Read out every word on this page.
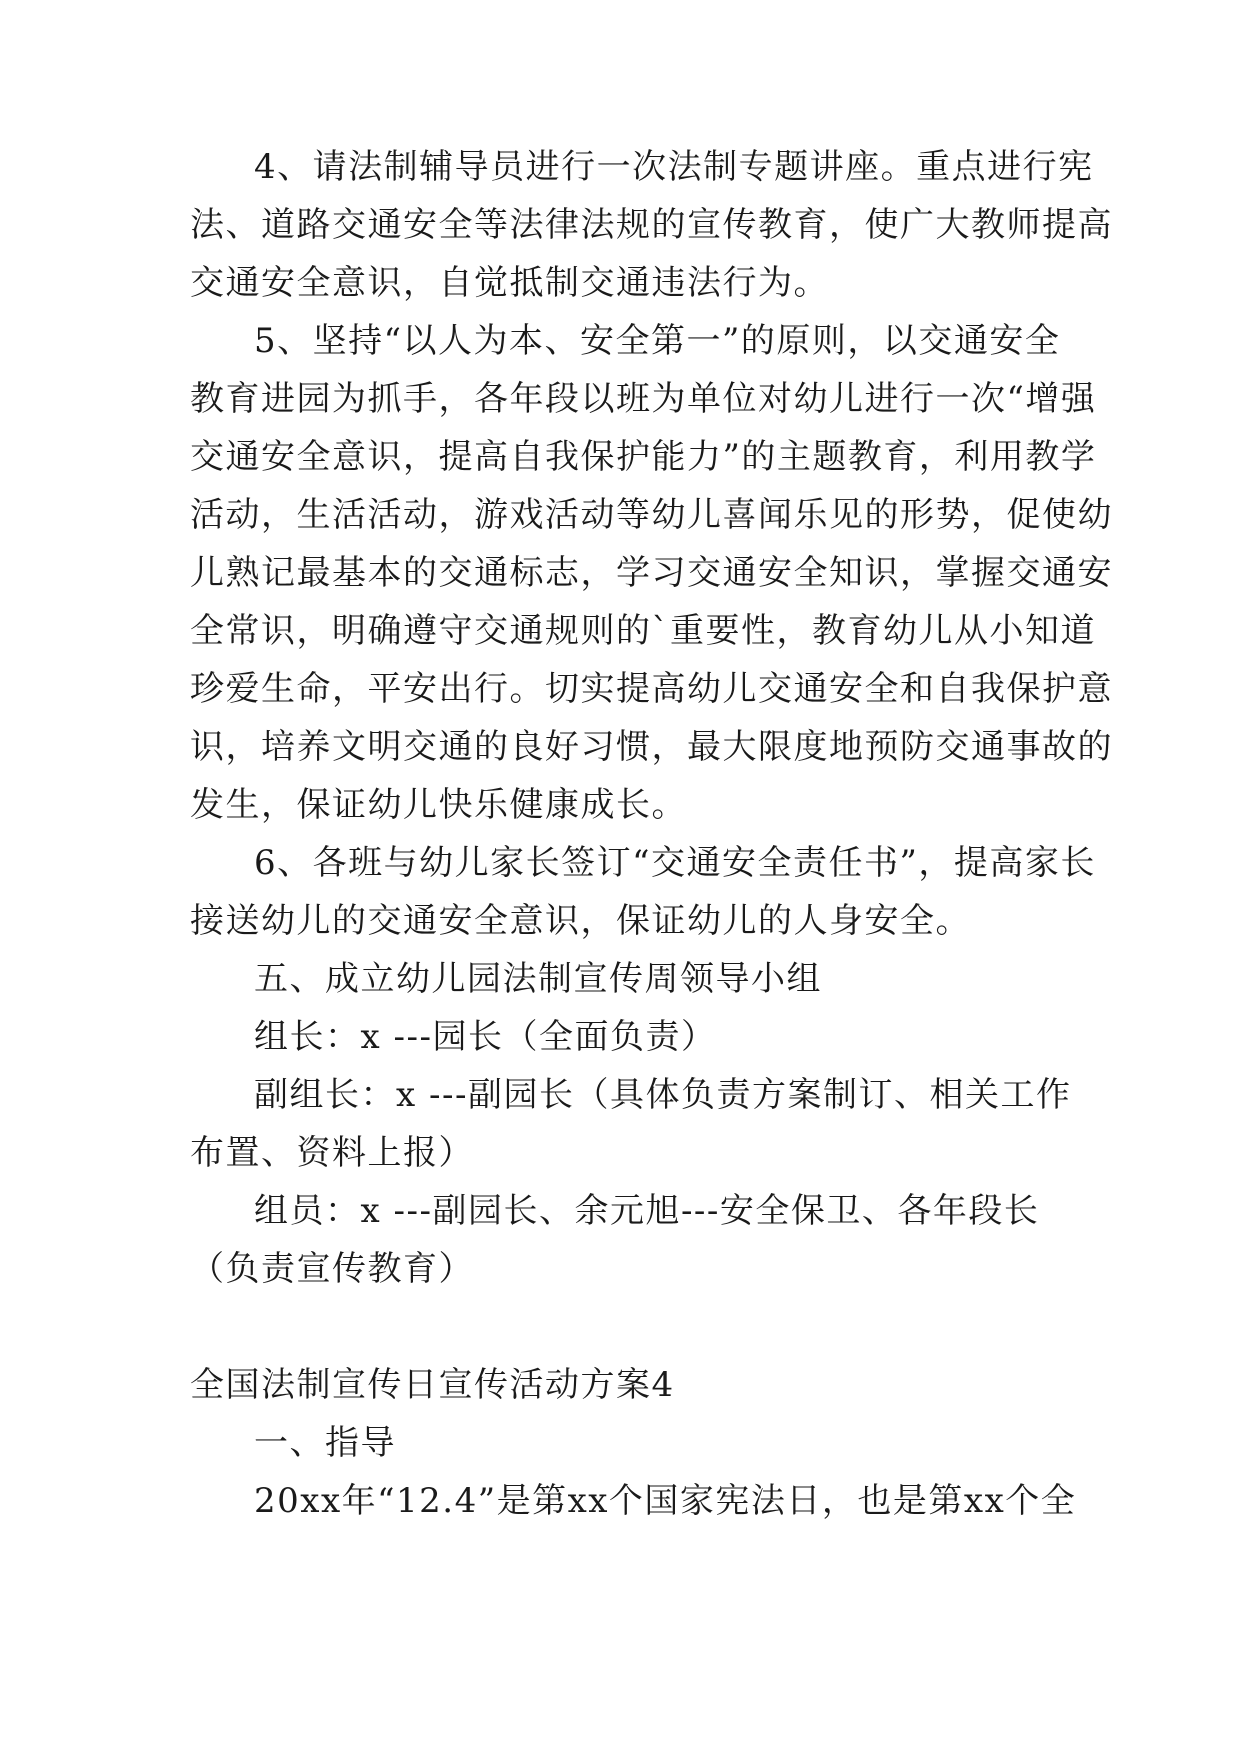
4、请法制辅导员进行一次法制专题讲座。重点进行宪
法、道路交通安全等法律法规的宣传教育，使广大教师提高
交通安全意识，自觉抵制交通违法行为。
5、坚持“以人为本、安全第一”的原则，以交通安全
教育进园为抓手，各年段以班为单位对幼儿进行一次“增强
交通安全意识，提高自我保护能力”的主题教育，利用教学
活动，生活活动，游戏活动等幼儿喜闻乐见的形势，促使幼
儿熟记最基本的交通标志，学习交通安全知识，掌握交通安
全常识，明确遵守交通规则的`重要性，教育幼儿从小知道
珍爱生命，平安出行。切实提高幼儿交通安全和自我保护意
识，培养文明交通的良好习惯，最大限度地预防交通事故的
发生，保证幼儿快乐健康成长。
6、各班与幼儿家长签订“交通安全责任书”，提高家长
接送幼儿的交通安全意识，保证幼儿的人身安全。
五、成立幼儿园法制宣传周领导小组
组长：x ---园长（全面负责）
副组长：x ---副园长（具体负责方案制订、相关工作
布置、资料上报）
组员：x ---副园长、余元旭---安全保卫、各年段长
（负责宣传教育）
全国法制宣传日宣传活动方案4
一、指导
20xx年“12.4”是第xx个国家宪法日，也是第xx个全
